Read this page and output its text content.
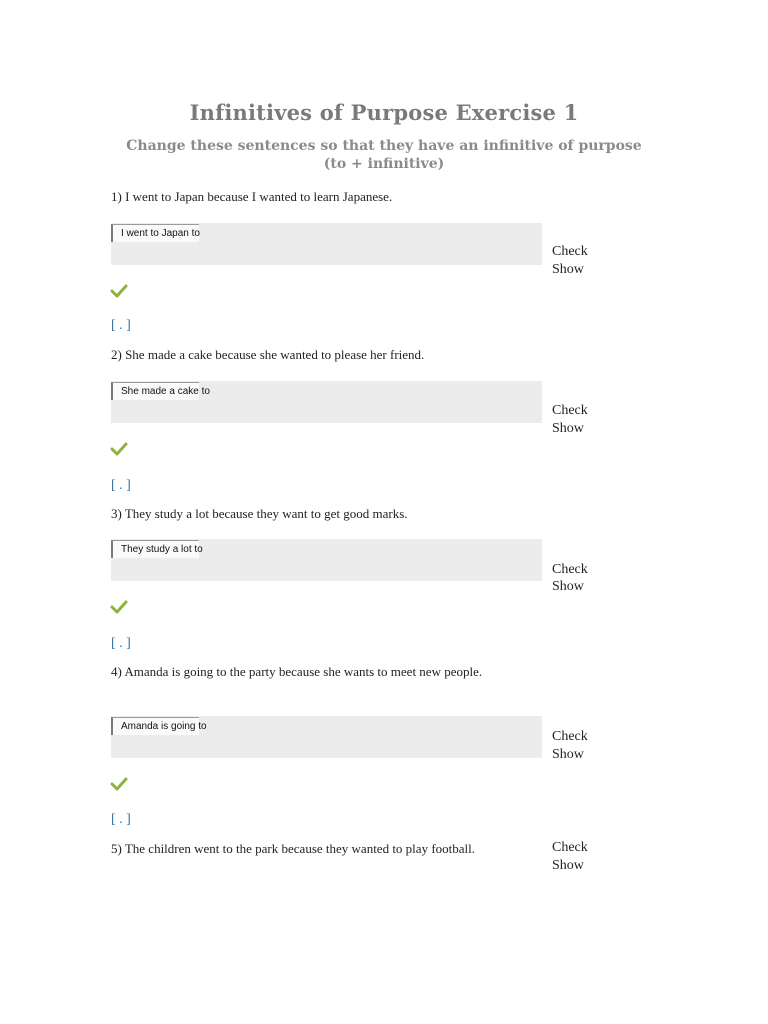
Infinitives of Purpose Exercise 1
Change these sentences so that they have an infinitive of purpose (to + infinitive)
1) I went to Japan because I wanted to learn Japanese.
I went to Japan to
Check
Show
[ . ]
2) She made a cake because she wanted to please her friend.
She made a cake to
Check
Show
[ . ]
3) They study a lot because they want to get good marks.
They study a lot to
Check
Show
[ . ]
4) Amanda is going to the party because she wants to meet new people.
Amanda is going to
Check
Show
[ . ]
5) The children went to the park because they wanted to play football.	Check
Show
